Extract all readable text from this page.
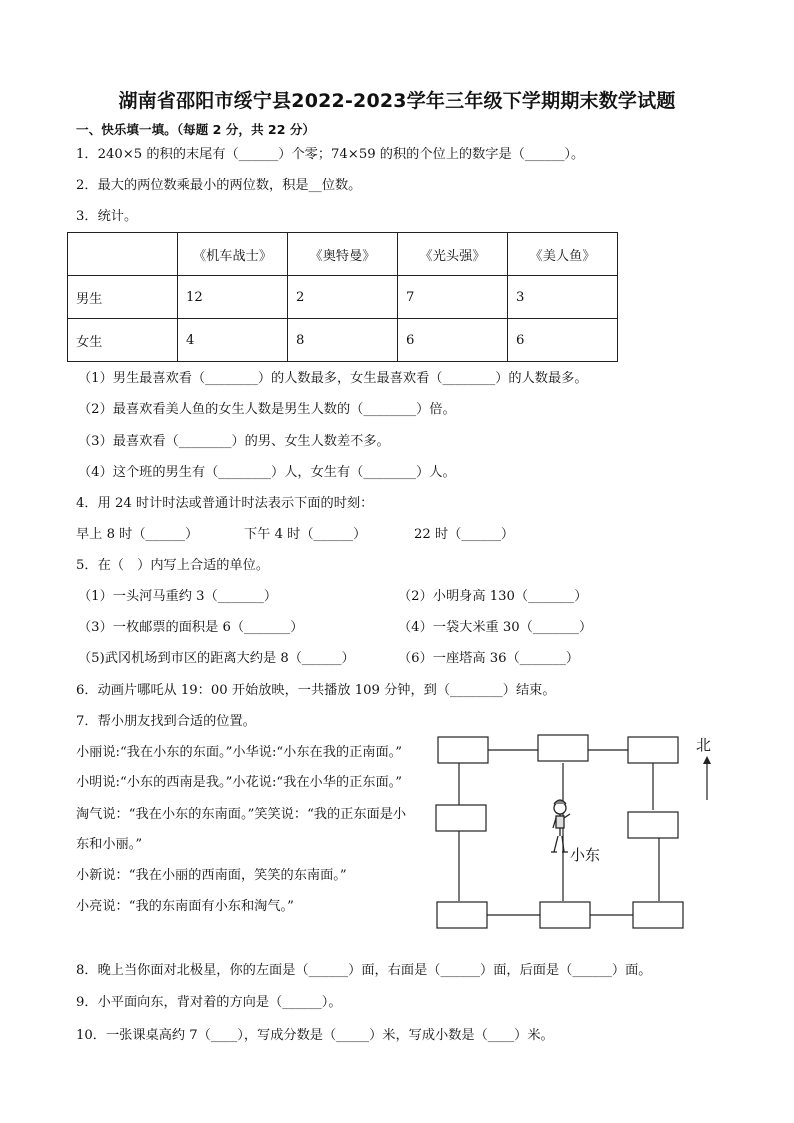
湖南省邵阳市绥宁县2022-2023学年三年级下学期期末数学试题
一、快乐填一填。（每题 2 分，共 22 分）
1．240×5 的积的末尾有（______）个零；74×59 的积的个位上的数字是（______）。
2．最大的两位数乘最小的两位数，积是__位数。
3．统计。
	《机车战士》	《奥特曼》	《光头强》	《美人鱼》
男生	12	2	7	3
女生	4	8	6	6
（1）男生最喜欢看（________）的人数最多，女生最喜欢看（________）的人数最多。
（2）最喜欢看美人鱼的女生人数是男生人数的（________）倍。
（3）最喜欢看（________）的男、女生人数差不多。
（4）这个班的男生有（________）人，女生有（________）人。
4．用 24 时计时法或普通计时法表示下面的时刻：
早上 8 时（______）	下午 4 时（______）	22 时（______）
5．在（　）内写上合适的单位。
（1）一头河马重约 3（_______）	（2）小明身高 130（_______）
（3）一枚邮票的面积是 6（_______）	（4）一袋大米重 30（_______）
（5)武冈机场到市区的距离大约是 8（______）	（6）一座塔高 36（_______）
6．动画片哪吒从 19：00 开始放映，一共播放 109 分钟，到（________）结束。
7．帮小朋友找到合适的位置。
小丽说:“我在小东的东面。”小华说:“小东在我的正南面。”
小明说:“小东的西南是我。”小花说:“我在小华的正东面。”
淘气说：“我在小东的东南面。”笑笑说：“我的正东面是小
东和小丽。”
小新说：“我在小丽的西南面，笑笑的东南面。”
小亮说：“我的东南面有小东和淘气。”
小东
北
8．晚上当你面对北极星，你的左面是（______）面，右面是（______）面，后面是（______）面。
9．小平面向东，背对着的方向是（______）。
10．一张课桌高约 7（____），写成分数是（_____）米，写成小数是（____）米。
